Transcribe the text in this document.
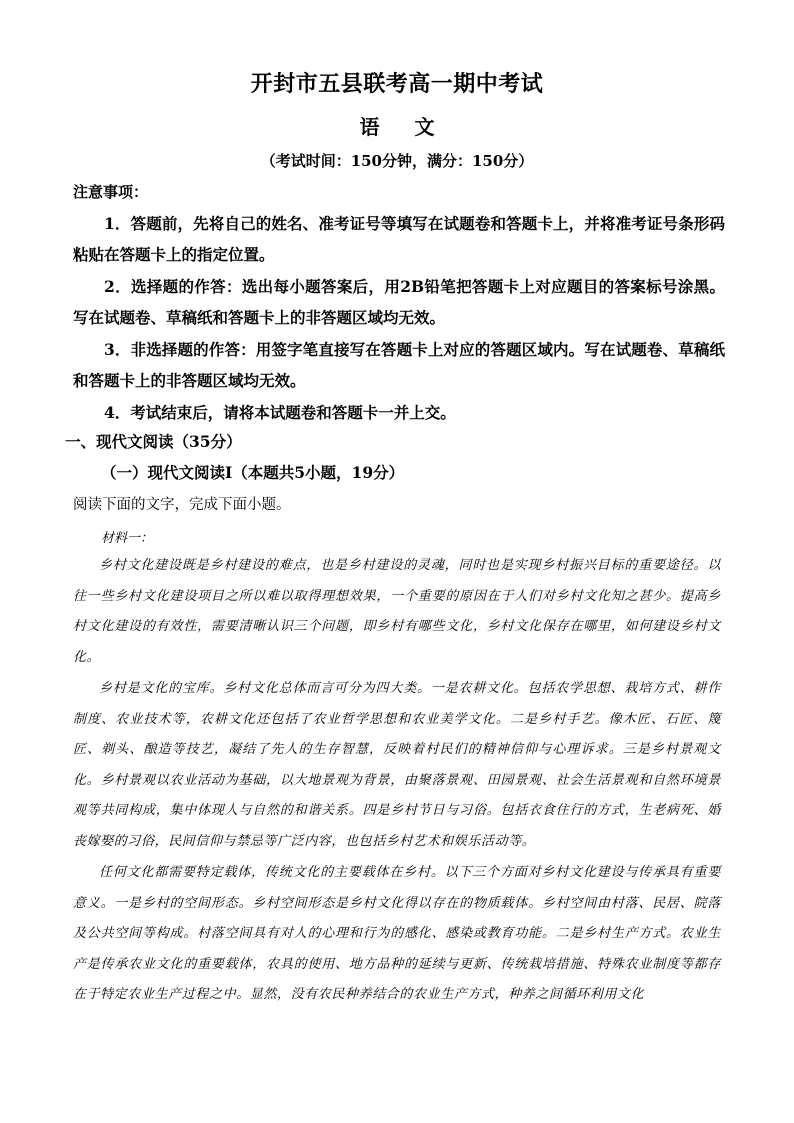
开封市五县联考高一期中考试
语 文
（考试时间：150分钟，满分：150分）
注意事项：
1．答题前，先将自己的姓名、准考证号等填写在试题卷和答题卡上，并将准考证号条形码粘贴在答题卡上的指定位置。
2．选择题的作答：选出每小题答案后，用2B铅笔把答题卡上对应题目的答案标号涂黑。写在试题卷、草稿纸和答题卡上的非答题区域均无效。
3．非选择题的作答：用签字笔直接写在答题卡上对应的答题区域内。写在试题卷、草稿纸和答题卡上的非答题区域均无效。
4．考试结束后，请将本试题卷和答题卡一并上交。
一、现代文阅读（35分）
（一）现代文阅读Ⅰ（本题共5小题，19分）
阅读下面的文字，完成下面小题。
材料一：
乡村文化建设既是乡村建设的难点，也是乡村建设的灵魂，同时也是实现乡村振兴目标的重要途径。以往一些乡村文化建设项目之所以难以取得理想效果，一个重要的原因在于人们对乡村文化知之甚少。提高乡村文化建设的有效性，需要清晰认识三个问题，即乡村有哪些文化，乡村文化保存在哪里，如何建设乡村文化。
乡村是文化的宝库。乡村文化总体而言可分为四大类。一是农耕文化。包括农学思想、栽培方式、耕作制度、农业技术等，农耕文化还包括了农业哲学思想和农业美学文化。二是乡村手艺。像木匠、石匠、篾匠、剃头、酿造等技艺，凝结了先人的生存智慧，反映着村民们的精神信仰与心理诉求。三是乡村景观文化。乡村景观以农业活动为基础，以大地景观为背景，由聚落景观、田园景观、社会生活景观和自然环境景观等共同构成，集中体现人与自然的和谐关系。四是乡村节日与习俗。包括衣食住行的方式，生老病死、婚丧嫁娶的习俗，民间信仰与禁忌等广泛内容，也包括乡村艺术和娱乐活动等。
任何文化都需要特定载体，传统文化的主要载体在乡村。以下三个方面对乡村文化建设与传承具有重要意义。一是乡村的空间形态。乡村空间形态是乡村文化得以存在的物质载体。乡村空间由村落、民居、院落及公共空间等构成。村落空间具有对人的心理和行为的感化、感染或教育功能。二是乡村生产方式。农业生产是传承农业文化的重要载体，农具的使用、地方品种的延续与更新、传统栽培措施、特殊农业制度等都存在于特定农业生产过程之中。显然，没有农民种养结合的农业生产方式，种养之间循环利用文化
